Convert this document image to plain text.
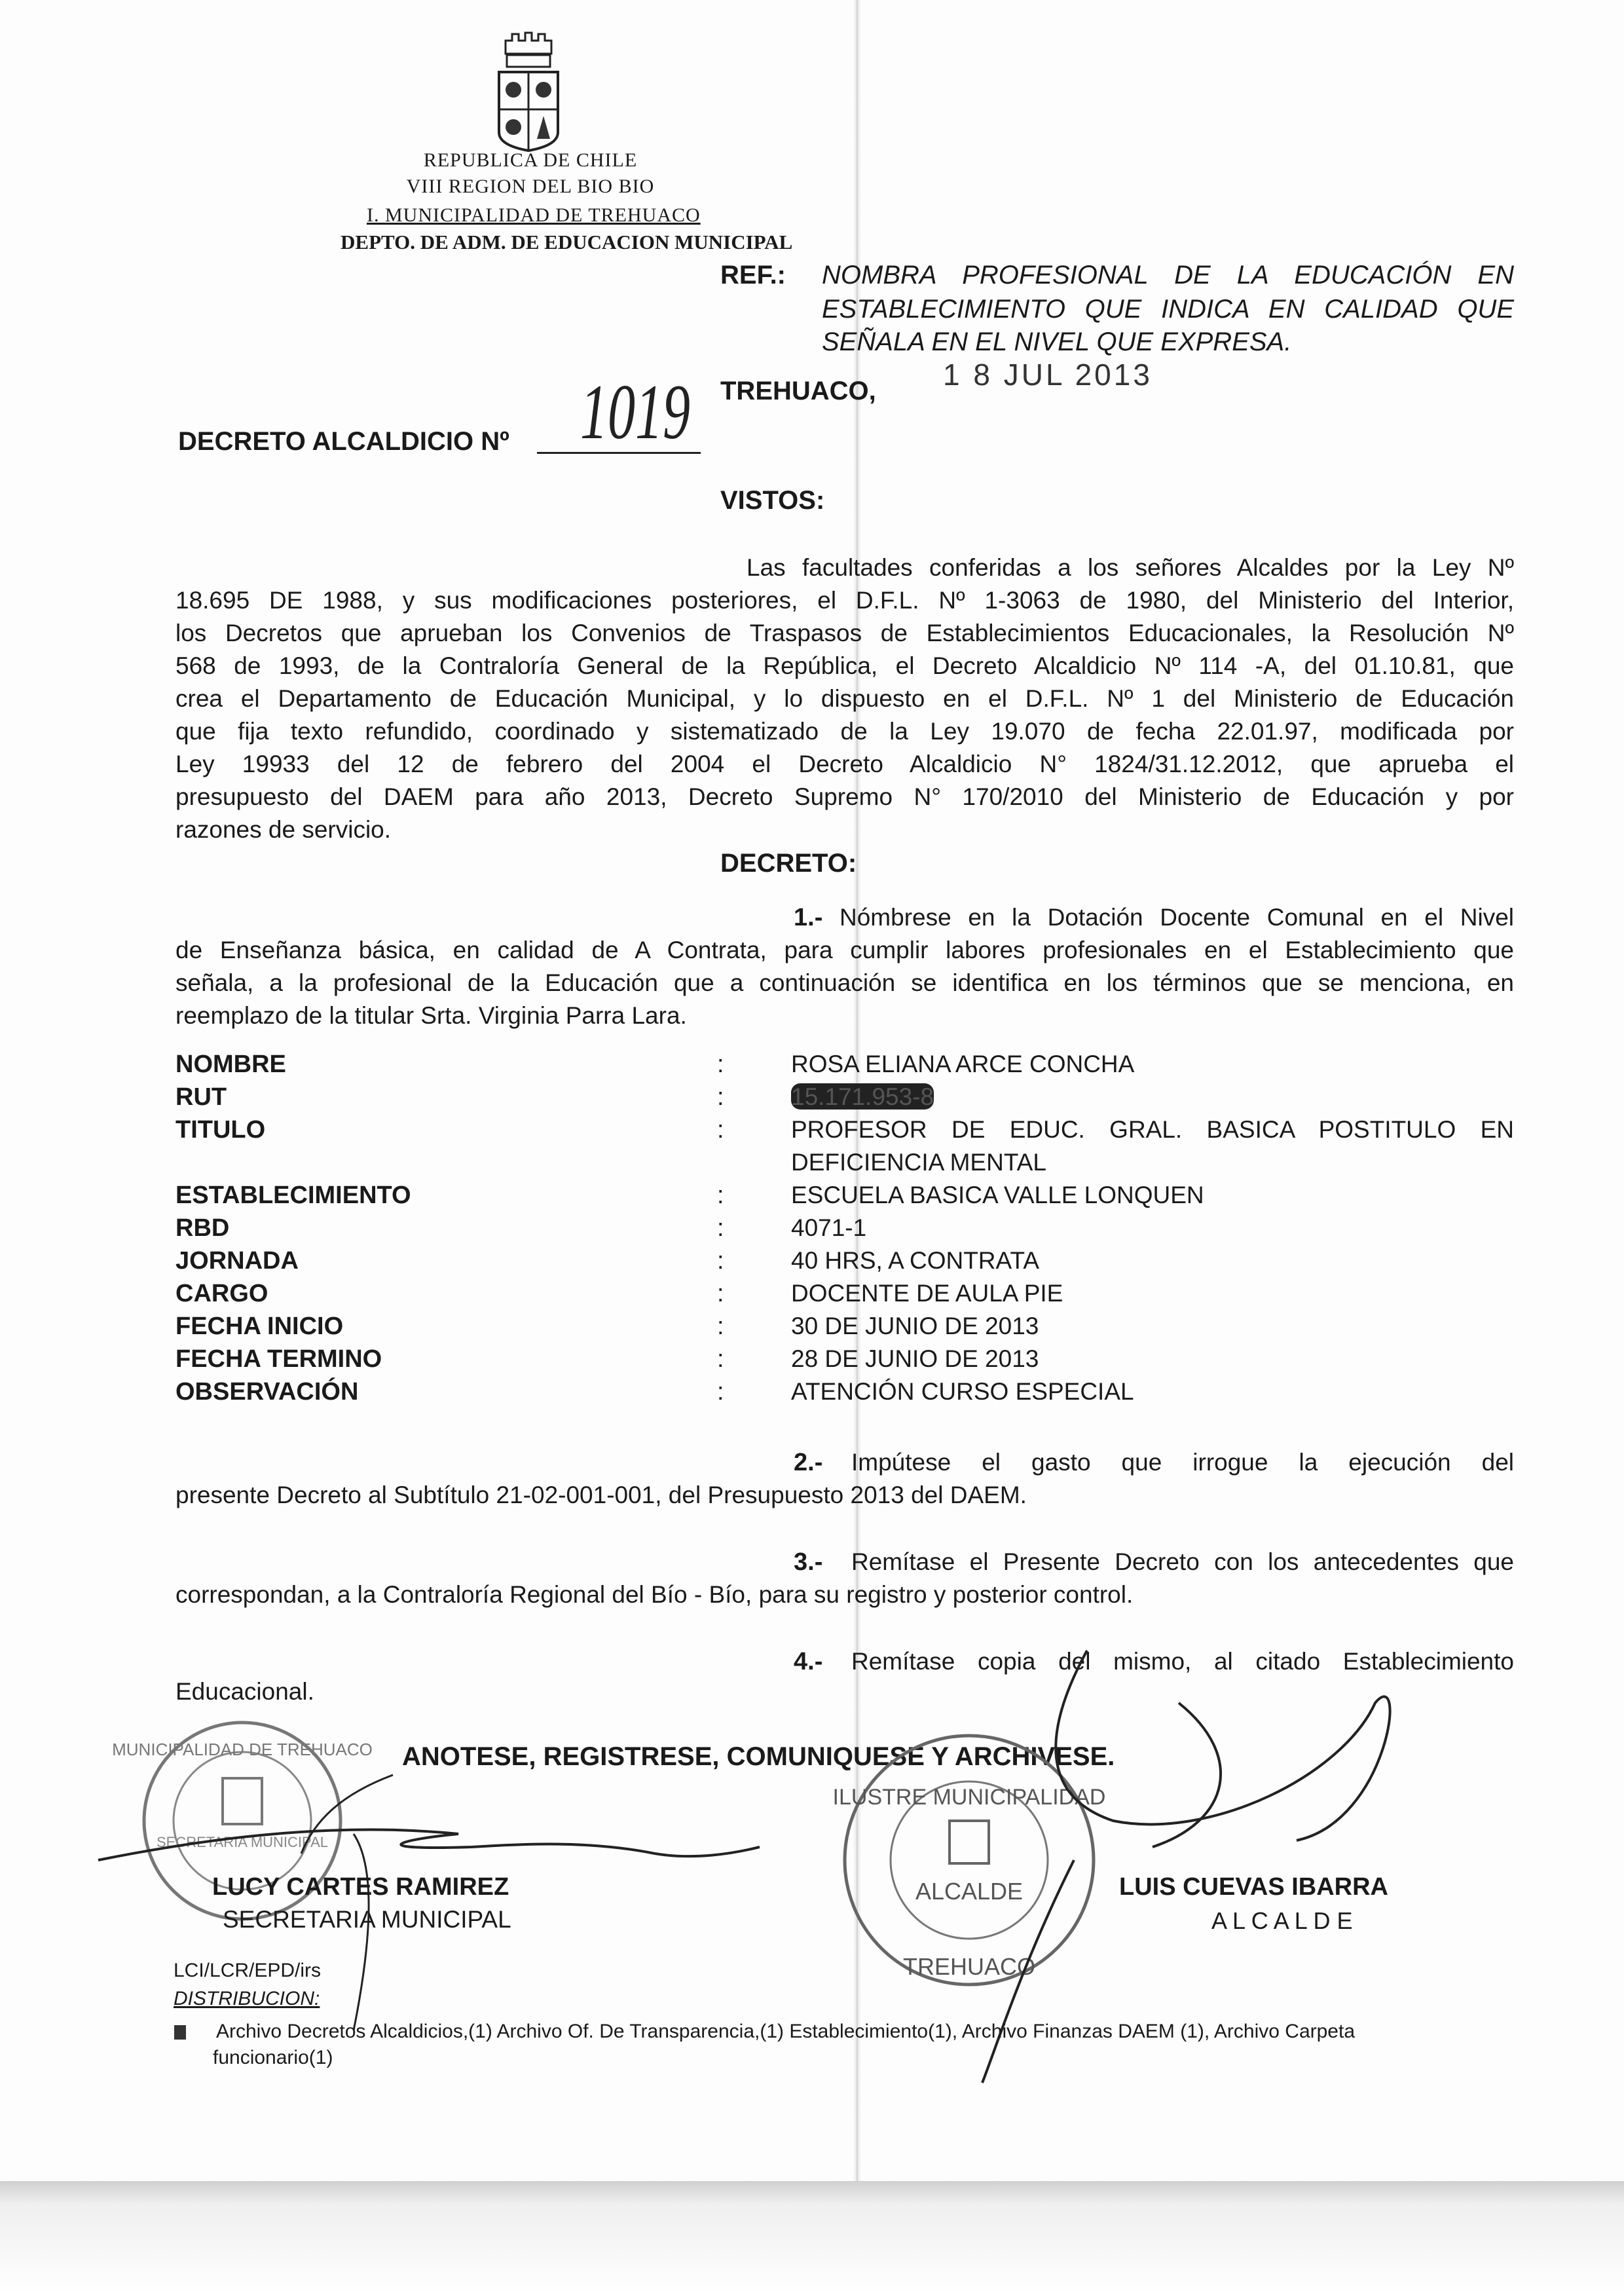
REPUBLICA DE CHILE
VIII REGION DEL BIO BIO
I. MUNICIPALIDAD DE TREHUACO
DEPTO. DE ADM. DE EDUCACION MUNICIPAL
REF.: NOMBRA PROFESIONAL DE LA EDUCACIÓN EN
ESTABLECIMIENTO QUE INDICA EN CALIDAD QUE
SEÑALA EN EL NIVEL QUE EXPRESA.
1 8 JUL 2013
TREHUACO,
DECRETO ALCALDICIO Nº 1019
VISTOS:
Las facultades conferidas a los señores Alcaldes por la Ley Nº
18.695 DE 1988, y sus modificaciones posteriores, el D.F.L. Nº 1-3063 de 1980, del Ministerio del Interior,
los Decretos que aprueban los Convenios de Traspasos de Establecimientos Educacionales, la Resolución Nº
568 de 1993, de la Contraloría General de la República, el Decreto Alcaldicio Nº 114 -A, del 01.10.81, que
crea el Departamento de Educación Municipal, y lo dispuesto en el D.F.L. Nº 1 del Ministerio de Educación
que fija texto refundido, coordinado y sistematizado de la Ley 19.070 de fecha 22.01.97, modificada por
Ley 19933 del 12 de febrero del 2004 el Decreto Alcaldicio N° 1824/31.12.2012, que aprueba el
presupuesto del DAEM para año 2013, Decreto Supremo N° 170/2010 del Ministerio de Educación y por
razones de servicio.
DECRETO:
1.- Nómbrese en la Dotación Docente Comunal en el Nivel
de Enseñanza básica, en calidad de A Contrata, para cumplir labores profesionales en el Establecimiento que
señala, a la profesional de la Educación que a continuación se identifica en los términos que se menciona, en
reemplazo de la titular Srta. Virginia Parra Lara.
NOMBRE	:	ROSA ELIANA ARCE CONCHA
RUT	:	15.171.953-8
TITULO	:	PROFESOR DE EDUC. GRAL. BASICA POSTITULO EN
DEFICIENCIA MENTAL
ESTABLECIMIENTO	:	ESCUELA BASICA VALLE LONQUEN
RBD	:	4071-1
JORNADA	:	40 HRS, A CONTRATA
CARGO	:	DOCENTE DE AULA PIE
FECHA INICIO	:	30 DE JUNIO DE 2013
FECHA TERMINO	:	28 DE JUNIO DE 2013
OBSERVACIÓN	:	ATENCIÓN CURSO ESPECIAL
2.- Impútese el gasto que irrogue la ejecución del
presente Decreto al Subtítulo 21-02-001-001, del Presupuesto 2013 del DAEM.
3.- Remítase el Presente Decreto con los antecedentes que
correspondan, a la Contraloría Regional del Bío - Bío, para su registro y posterior control.
4.- Remítase copia del mismo, al citado Establecimiento
Educacional.
ANOTESE, REGISTRESE, COMUNIQUESE Y ARCHIVESE.
MUNICIPALIDAD DE TREHUACO
SECRETARIA MUNICIPAL
ILUSTRE MUNICIPALIDAD
ALCALDE
TREHUACO
LUCY CARTES RAMIREZ
SECRETARIA MUNICIPAL
LUIS CUEVAS IBARRA
A L C A L D E
LCI/LCR/EPD/irs
DISTRIBUCION:
Archivo Decretos Alcaldicios,(1) Archivo Of. De Transparencia,(1) Establecimiento(1), Archivo Finanzas DAEM (1), Archivo Carpeta
funcionario(1)
